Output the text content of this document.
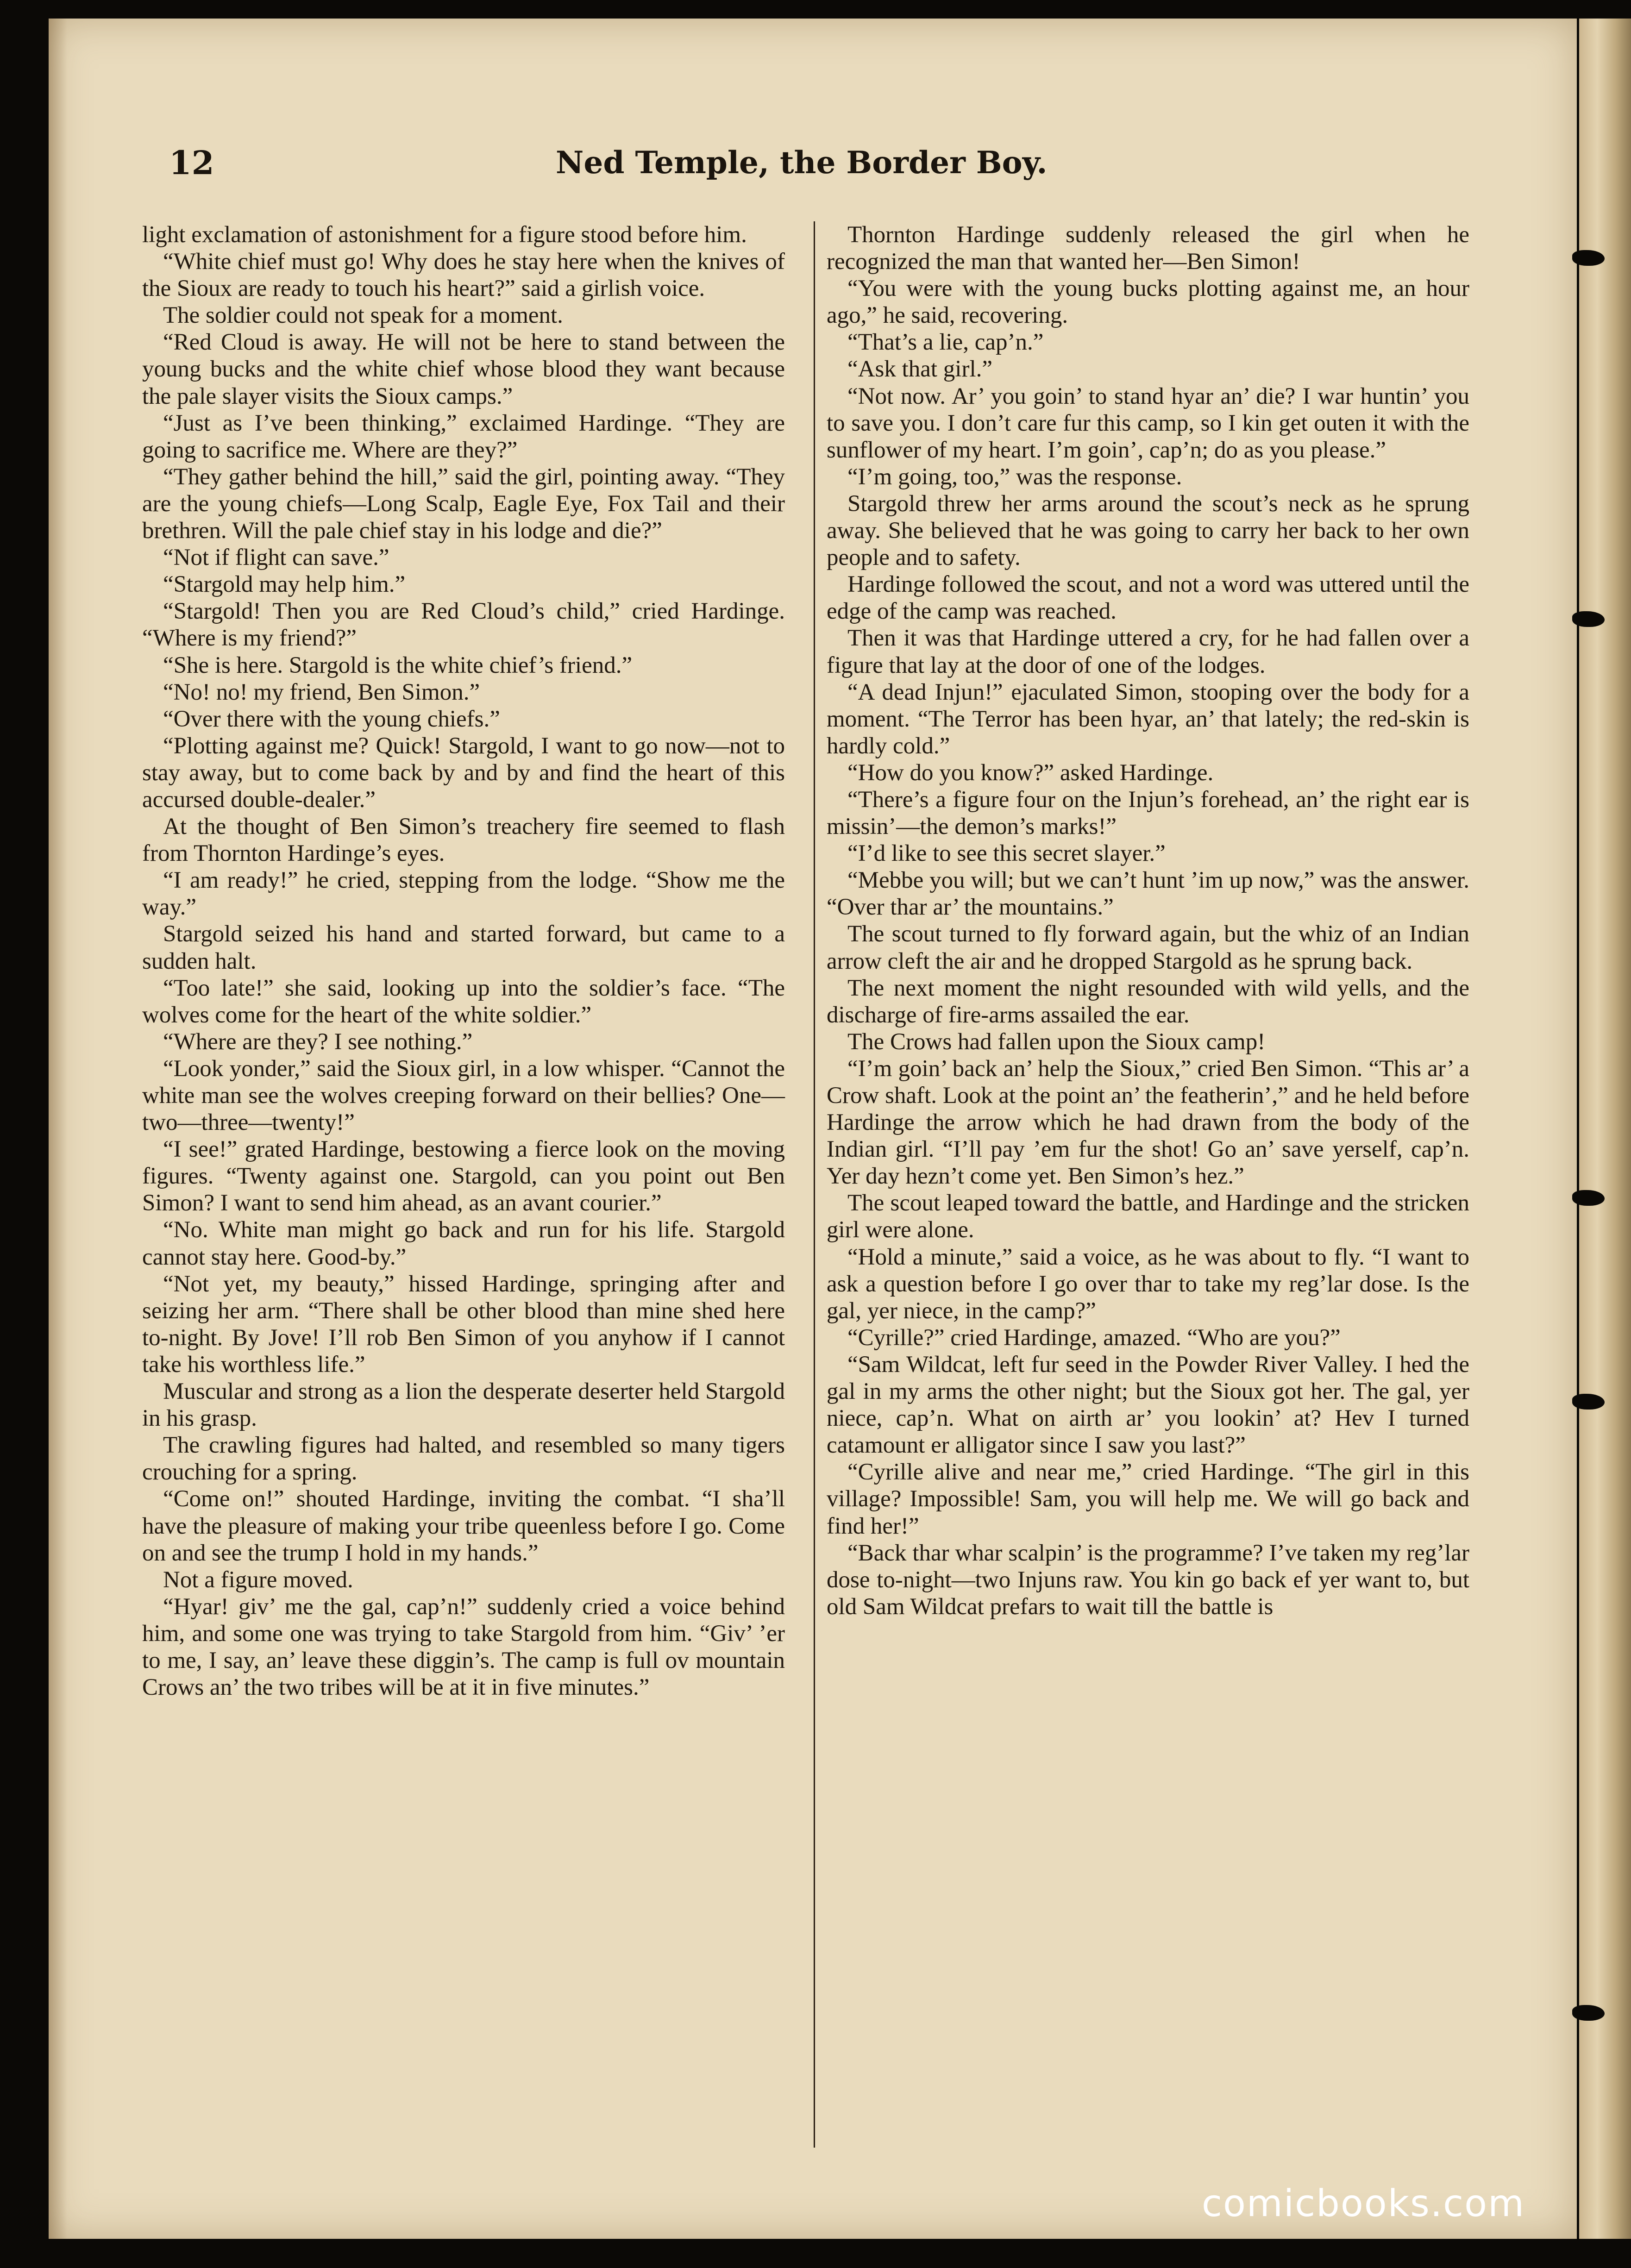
12	Ned Temple, the Border Boy.

light exclamation of astonishment for a figure stood before him.

“White chief must go! Why does he stay here when the knives of the Sioux are ready to touch his heart?” said a girlish voice.

The soldier could not speak for a moment.

“Red Cloud is away. He will not be here to stand between the young bucks and the white chief whose blood they want because the pale slayer visits the Sioux camps.”

“Just as I’ve been thinking,” exclaimed Hardinge. “They are going to sacrifice me. Where are they?”

“They gather behind the hill,” said the girl, pointing away. “They are the young chiefs—Long Scalp, Eagle Eye, Fox Tail and their brethren. Will the pale chief stay in his lodge and die?”

“Not if flight can save.”

“Stargold may help him.”

“Stargold! Then you are Red Cloud’s child,” cried Hardinge. “Where is my friend?”

“She is here. Stargold is the white chief’s friend.”

“No! no! my friend, Ben Simon.”

“Over there with the young chiefs.”

“Plotting against me? Quick! Stargold, I want to go now—not to stay away, but to come back by and by and find the heart of this accursed double-dealer.”

At the thought of Ben Simon’s treachery fire seemed to flash from Thornton Hardinge’s eyes.

“I am ready!” he cried, stepping from the lodge. “Show me the way.”

Stargold seized his hand and started forward, but came to a sudden halt.

“Too late!” she said, looking up into the soldier’s face. “The wolves come for the heart of the white soldier.”

“Where are they? I see nothing.”

“Look yonder,” said the Sioux girl, in a low whisper. “Cannot the white man see the wolves creeping forward on their bellies? One—two—three—twenty!”

“I see!” grated Hardinge, bestowing a fierce look on the moving figures. “Twenty against one. Stargold, can you point out Ben Simon? I want to send him ahead, as an avant courier.”

“No. White man might go back and run for his life. Stargold cannot stay here. Good-by.”

“Not yet, my beauty,” hissed Hardinge, springing after and seizing her arm. “There shall be other blood than mine shed here to-night. By Jove! I’ll rob Ben Simon of you anyhow if I cannot take his worthless life.”

Muscular and strong as a lion the desperate deserter held Stargold in his grasp.

The crawling figures had halted, and resembled so many tigers crouching for a spring.

“Come on!” shouted Hardinge, inviting the combat. “I sha’ll have the pleasure of making your tribe queenless before I go. Come on and see the trump I hold in my hands.”

Not a figure moved.

“Hyar! giv’ me the gal, cap’n!” suddenly cried a voice behind him, and some one was trying to take Stargold from him. “Giv’ ’er to me, I say, an’ leave these diggin’s. The camp is full ov mountain Crows an’ the two tribes will be at it in five minutes.”

Thornton Hardinge suddenly released the girl when he recognized the man that wanted her—Ben Simon!

“You were with the young bucks plotting against me, an hour ago,” he said, recovering.

“That’s a lie, cap’n.”

“Ask that girl.”

“Not now. Ar’ you goin’ to stand hyar an’ die? I war huntin’ you to save you. I don’t care fur this camp, so I kin get outen it with the sunflower of my heart. I’m goin’, cap’n; do as you please.”

“I’m going, too,” was the response.

Stargold threw her arms around the scout’s neck as he sprung away. She believed that he was going to carry her back to her own people and to safety.

Hardinge followed the scout, and not a word was uttered until the edge of the camp was reached.

Then it was that Hardinge uttered a cry, for he had fallen over a figure that lay at the door of one of the lodges.

“A dead Injun!” ejaculated Simon, stooping over the body for a moment. “The Terror has been hyar, an’ that lately; the red-skin is hardly cold.”

“How do you know?” asked Hardinge.

“There’s a figure four on the Injun’s forehead, an’ the right ear is missin’—the demon’s marks!”

“I’d like to see this secret slayer.”

“Mebbe you will; but we can’t hunt ’im up now,” was the answer. “Over thar ar’ the mountains.”

The scout turned to fly forward again, but the whiz of an Indian arrow cleft the air and he dropped Stargold as he sprung back.

The next moment the night resounded with wild yells, and the discharge of fire-arms assailed the ear.

The Crows had fallen upon the Sioux camp!

“I’m goin’ back an’ help the Sioux,” cried Ben Simon. “This ar’ a Crow shaft. Look at the point an’ the featherin’,” and he held before Hardinge the arrow which he had drawn from the body of the Indian girl. “I’ll pay ’em fur the shot! Go an’ save yerself, cap’n. Yer day hezn’t come yet. Ben Simon’s hez.”

The scout leaped toward the battle, and Hardinge and the stricken girl were alone.

“Hold a minute,” said a voice, as he was about to fly. “I want to ask a question before I go over thar to take my reg’lar dose. Is the gal, yer niece, in the camp?”

“Cyrille?” cried Hardinge, amazed. “Who are you?”

“Sam Wildcat, left fur seed in the Powder River Valley. I hed the gal in my arms the other night; but the Sioux got her. The gal, yer niece, cap’n. What on airth ar’ you lookin’ at? Hev I turned catamount er alligator since I saw you last?”

“Cyrille alive and near me,” cried Hardinge. “The girl in this village? Impossible! Sam, you will help me. We will go back and find her!”

“Back thar whar scalpin’ is the programme? I’ve taken my reg’lar dose to-night—two Injuns raw. You kin go back ef yer want to, but old Sam Wildcat prefars to wait till the battle is

comicbooks.com
